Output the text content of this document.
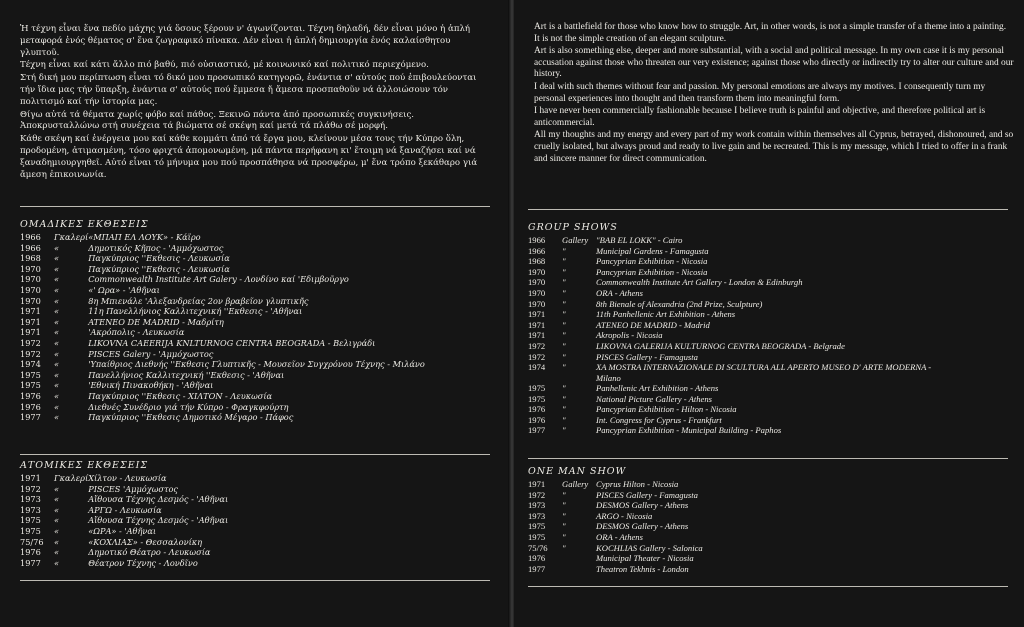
Ἡ τέχνη εἶναι ἕνα πεδίο μάχης γιά ὅσους ξέρουν ν' ἀγωνίζονται. Τέχνη δηλαδή, δέν εἶναι μόνο ἡ ἁπλή μεταφορά ἑνός θέματος σ' ἕνα ζωγραφικό πίνακα. Δέν εἶναι ἡ ἁπλή δημιουργία ἑνός καλαίσθητου γλυπτοῦ.

Τέχνη εἶναι καί κάτι ἄλλο πιό βαθύ, πιό οὐσιαστικό, μέ κοινωνικό καί πολιτικό περιεχόμενο.

Στή δική μου περίπτωση εἶναι τό δικό μου προσωπικό κατηγορῶ, ἐνάντια σ' αὐτούς πού ἐπιβουλεύονται τήν ἴδια μας τήν ὕπαρξη, ἐνάντια σ' αὐτούς πού ἔμμεσα ἤ ἄμεσα προσπαθοῦν νά ἀλλοιώσουν τόν πολιτισμό καί τήν ἱστορία μας.

Θίγω αὐτά τά θέματα χωρίς φόβο καί πάθος. Ξεκινῶ πάντα ἀπό προσωπικές συγκινήσεις. Ἀποκρυσταλλώνω στή συνέχεια τά βιώματα σέ σκέψη καί μετά τά πλάθω σέ μορφή.

Κάθε σκέψη καί ἐνέργεια μου καί κάθε κομμάτι ἀπό τά ἔργα μου, κλείνουν μέσα τους τήν Κύπρο ὅλη, προδομένη, ἀτιμασμένη, τόσο φριχτά ἀπομονωμένη, μά πάντα περήφανη κι' ἕτοιμη νά ξαναζήσει καί νά ξαναδημιουργηθεῖ. Αὐτό εἶναι τό μήνυμα μου πού προσπάθησα νά προσφέρω, μ' ἕνα τρόπο ξεκάθαρο γιά ἄμεση ἐπικοινωνία.

ΟΜΑΔΙΚΕΣ ΕΚΘΕΣΕΙΣ
1966	Γκαλερί	«ΜΠΑΠ ΕΛ ΛΟΥΚ» - Κάϊρο
1966	«	Δημοτικός Κῆπος - 'Αμμόχωστος
1968	«	Παγκύπριος ''Εκθεσις - Λευκωσία
1970	«	Παγκύπριος ''Εκθεσις - Λευκωσία
1970	«	Commonwealth Institute Art Galery - Λονδίνο καί 'Εδιμβοῦργο
1970	«	«' Ωρα» - 'Αθῆναι
1970	«	8η Μπιενάλε 'Αλεξανδρείας 2ον βραβεῖον γλυπτικῆς
1971	«	11η Πανελλήνιος Καλλιτεχνική ''Εκθεσις - 'Αθῆναι
1971	«	ATENEO DE MADRID - Μαδρίτη
1971	«	'Ακρόπολις - Λευκωσία
1972	«	LIKOVNA CAEERIJA KNLTURNOG CENTRA BEOGRADA - Βελιγράδι
1972	«	PISCES Galery - 'Αμμόχωστος
1974	«	'Υπαίθριος Διεθνής ''Εκθεσις Γλυπτικῆς - Μουσεῖον Συγχρόνου Τέχνης - Μιλάνο
1975	«	Πανελλήνιος Καλλιτεχνική ''Εκθεσις - 'Αθῆναι
1975	«	'Εθνική Πινακοθήκη - 'Αθῆναι
1976	«	Παγκύπριος ''Εκθεσις - ΧΙΛΤΟΝ - Λευκωσία
1976	«	Διεθνές Συνέδριο γιά τήν Κύπρο - Φραγκφούρτη
1977	«	Παγκύπριος ''Εκθεσις Δημοτικό Μέγαρο - Πάφος
ΑΤΟΜΙΚΕΣ ΕΚΘΕΣΕΙΣ
1971	Γκαλερί	Χίλτον - Λευκωσία
1972	«	PISCES 'Αμμόχωστος
1973	«	Αἴθουσα Τέχνης Δεσμός - 'Αθῆναι
1973	«	ΑΡΓΩ - Λευκωσία
1975	«	Αἴθουσα Τέχνης Δεσμός - 'Αθῆναι
1975	«	«ΩΡΑ» - 'Αθῆναι
75/76	«	«ΚΟΧΛΙΑΣ» - Θεσσαλονίκη
1976	«	Δημοτικό Θέατρο - Λευκωσία
1977	«	Θέατρον Τέχνης - Λονδῖνο

Art is a battlefield for those who know how to struggle. Art, in other words, is not a simple transfer of a theme into a painting. It is not the simple creation of an elegant sculpture.

Art is also something else, deeper and more substantial, with a social and political message. In my own case it is my personal accusation against those who threaten our very existence; against those who directly or indirectly try to alter our culture and our history.

I deal with such themes without fear and passion. My personal emotions are always my motives. I consequently turn my personal experiences into thought and then transform them into meaningful form.

I have never been commercially fashionable because I believe truth is painful and objective, and therefore political art is anticommercial.

All my thoughts and my energy and every part of my work contain within themselves all Cyprus, betrayed, dishonoured, and so cruelly isolated, but always proud and ready to live gain and be recreated. This is my message, which I tried to offer in a frank and sincere manner for direct communication.

GROUP SHOWS
1966	Gallery	"BAB EL LOKK" - Cairo
1966	"	Municipal Gardens - Famagusta
1968	"	Pancyprian Exhibition - Nicosia
1970	"	Pancyprian Exhibition - Nicosia
1970	"	Commonwealth Institute Art Gallery - London & Edinburgh
1970	"	ORA - Athens
1970	"	8th Bienale of Alexandria (2nd Prize, Sculpture)
1971	"	11th Panhellenic Art Exhibition - Athens
1971	"	ATENEO DE MADRID - Madrid
1971	"	Akropolis - Nicosia
1972	"	LIKOVNA GALERIJA KULTURNOG CENTRA BEOGRADA - Belgrade
1972	"	PISCES Gallery - Famagusta
1974	"	XA MOSTRA INTERNAZIONALE DI SCULTURA ALL APERTO MUSEO D' ARTE MODERNA - Milano
1975	"	Panhellenic Art Exhibition - Athens
1975	"	National Picture Gallery - Athens
1976	"	Pancyprian Exhibition - Hilton - Nicosia
1976	"	Int. Congress for Cyprus - Frankfurt
1977	"	Pancyprian Exhibition - Municipal Building - Paphos
ONE MAN SHOW
1971	Gallery	Cyprus Hilton - Nicosia
1972	"	PISCES Gallery - Famagusta
1973	"	DESMOS Gallery - Athens
1973	"	ARGO - Nicosia
1975	"	DESMOS Gallery - Athens
1975	"	ORA - Athens
75/76	"	KOCHLIAS Gallery - Salonica
1976		Municipal Theater - Nicosia
1977		Theatron Tekhnis - London
